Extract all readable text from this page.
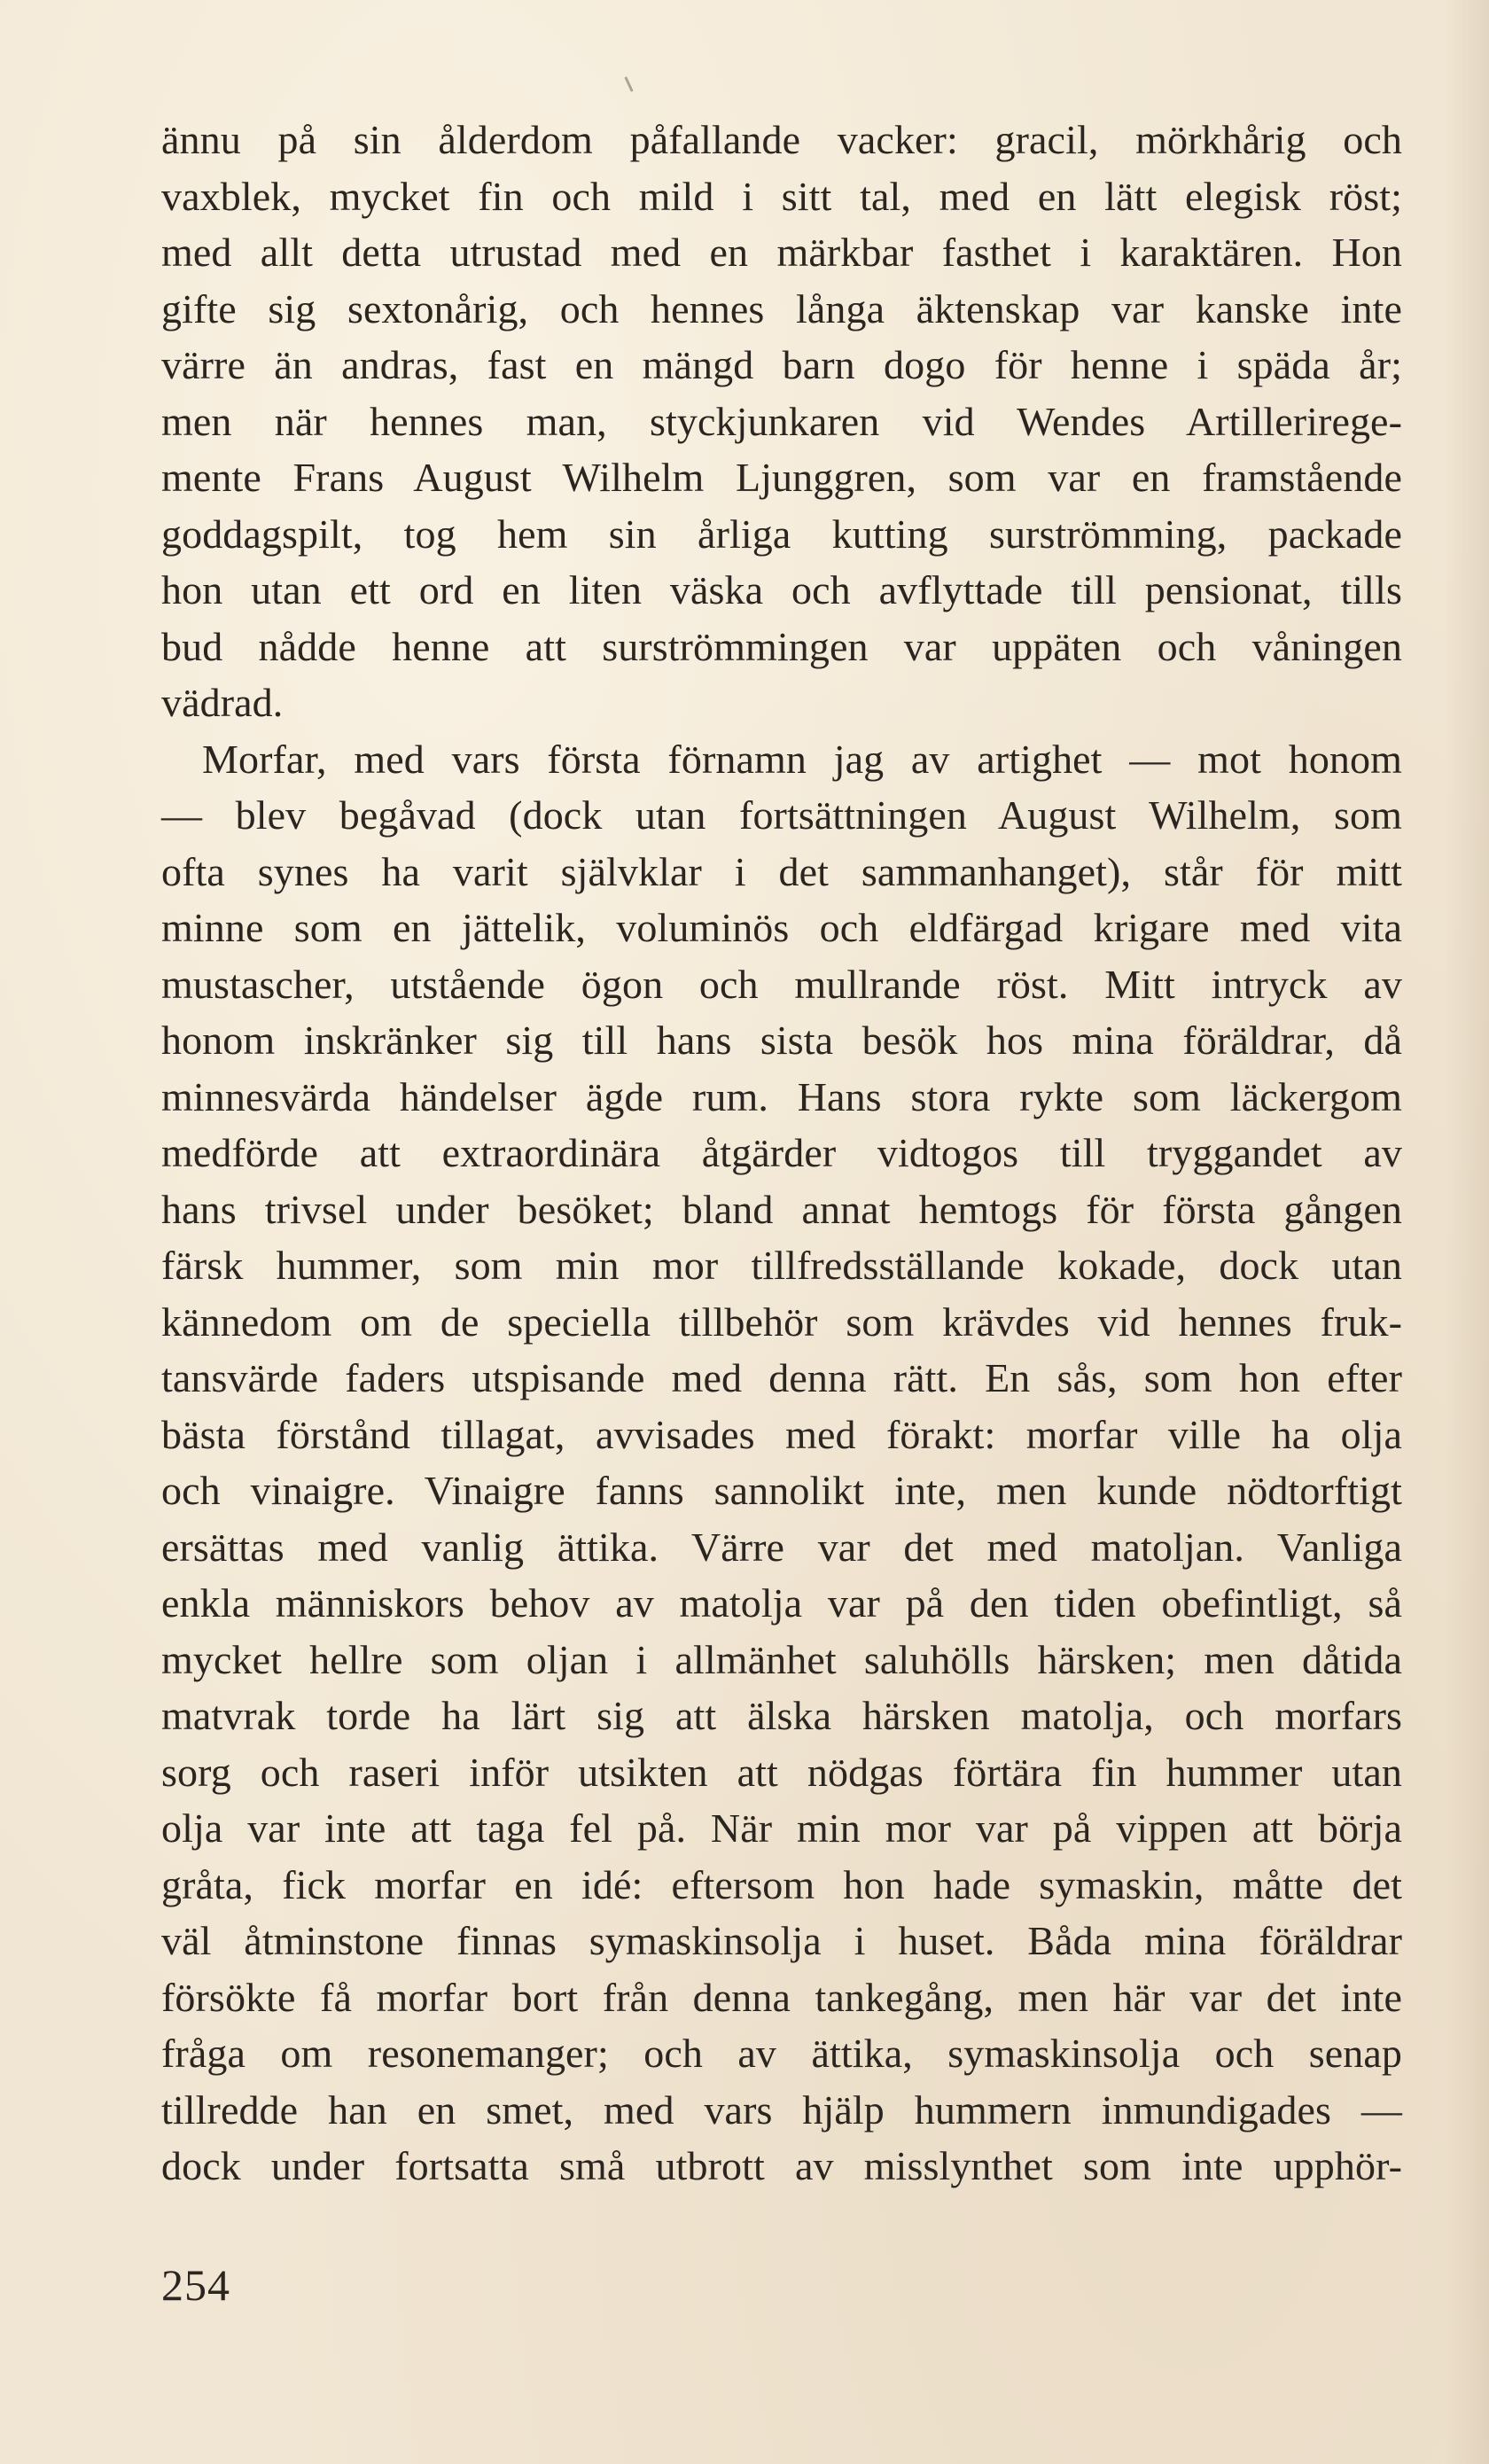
ännu på sin ålderdom påfallande vacker: gracil, mörkhårig och
vaxblek, mycket fin och mild i sitt tal, med en lätt elegisk röst;
med allt detta utrustad med en märkbar fasthet i karaktären. Hon
gifte sig sextonårig, och hennes långa äktenskap var kanske inte
värre än andras, fast en mängd barn dogo för henne i späda år;
men när hennes man, styckjunkaren vid Wendes Artillerirege-
mente Frans August Wilhelm Ljunggren, som var en framstående
goddagspilt, tog hem sin årliga kutting surströmming, packade
hon utan ett ord en liten väska och avflyttade till pensionat, tills
bud nådde henne att surströmmingen var uppäten och våningen
vädrad.
Morfar, med vars första förnamn jag av artighet — mot honom
— blev begåvad (dock utan fortsättningen August Wilhelm, som
ofta synes ha varit självklar i det sammanhanget), står för mitt
minne som en jättelik, voluminös och eldfärgad krigare med vita
mustascher, utstående ögon och mullrande röst. Mitt intryck av
honom inskränker sig till hans sista besök hos mina föräldrar, då
minnesvärda händelser ägde rum. Hans stora rykte som läckergom
medförde att extraordinära åtgärder vidtogos till tryggandet av
hans trivsel under besöket; bland annat hemtogs för första gången
färsk hummer, som min mor tillfredsställande kokade, dock utan
kännedom om de speciella tillbehör som krävdes vid hennes fruk-
tansvärde faders utspisande med denna rätt. En sås, som hon efter
bästa förstånd tillagat, avvisades med förakt: morfar ville ha olja
och vinaigre. Vinaigre fanns sannolikt inte, men kunde nödtorftigt
ersättas med vanlig ättika. Värre var det med matoljan. Vanliga
enkla människors behov av matolja var på den tiden obefintligt, så
mycket hellre som oljan i allmänhet saluhölls härsken; men dåtida
matvrak torde ha lärt sig att älska härsken matolja, och morfars
sorg och raseri inför utsikten att nödgas förtära fin hummer utan
olja var inte att taga fel på. När min mor var på vippen att börja
gråta, fick morfar en idé: eftersom hon hade symaskin, måtte det
väl åtminstone finnas symaskinsolja i huset. Båda mina föräldrar
försökte få morfar bort från denna tankegång, men här var det inte
fråga om resonemanger; och av ättika, symaskinsolja och senap
tillredde han en smet, med vars hjälp hummern inmundigades —
dock under fortsatta små utbrott av misslynthet som inte upphör-
254
